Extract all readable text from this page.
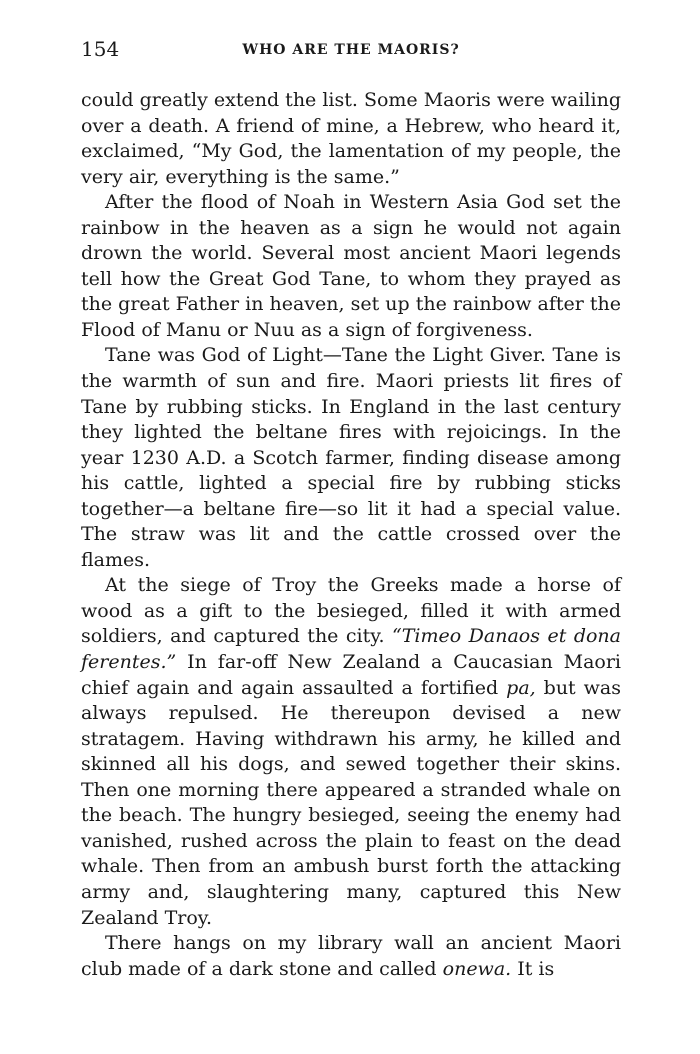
154	WHO ARE THE MAORIS?

could greatly extend the list. Some Maoris were wailing over a death. A friend of mine, a Hebrew, who heard it, exclaimed, “My God, the lamentation of my people, the very air, everything is the same.”

After the flood of Noah in Western Asia God set the rainbow in the heaven as a sign he would not again drown the world. Several most ancient Maori legends tell how the Great God Tane, to whom they prayed as the great Father in heaven, set up the rainbow after the Flood of Manu or Nuu as a sign of forgiveness.

Tane was God of Light—Tane the Light Giver. Tane is the warmth of sun and fire. Maori priests lit fires of Tane by rubbing sticks. In England in the last century they lighted the beltane fires with rejoicings. In the year 1230 A.D. a Scotch farmer, finding disease among his cattle, lighted a special fire by rubbing sticks together—a beltane fire—so lit it had a special value. The straw was lit and the cattle crossed over the flames.

At the siege of Troy the Greeks made a horse of wood as a gift to the besieged, filled it with armed soldiers, and captured the city. “Timeo Danaos et dona ferentes.” In far-off New Zealand a Caucasian Maori chief again and again assaulted a fortified pa, but was always repulsed. He thereupon devised a new stratagem. Having withdrawn his army, he killed and skinned all his dogs, and sewed together their skins. Then one morning there appeared a stranded whale on the beach. The hungry besieged, seeing the enemy had vanished, rushed across the plain to feast on the dead whale. Then from an ambush burst forth the attacking army and, slaughtering many, captured this New Zealand Troy.

There hangs on my library wall an ancient Maori club made of a dark stone and called onewa. It is
